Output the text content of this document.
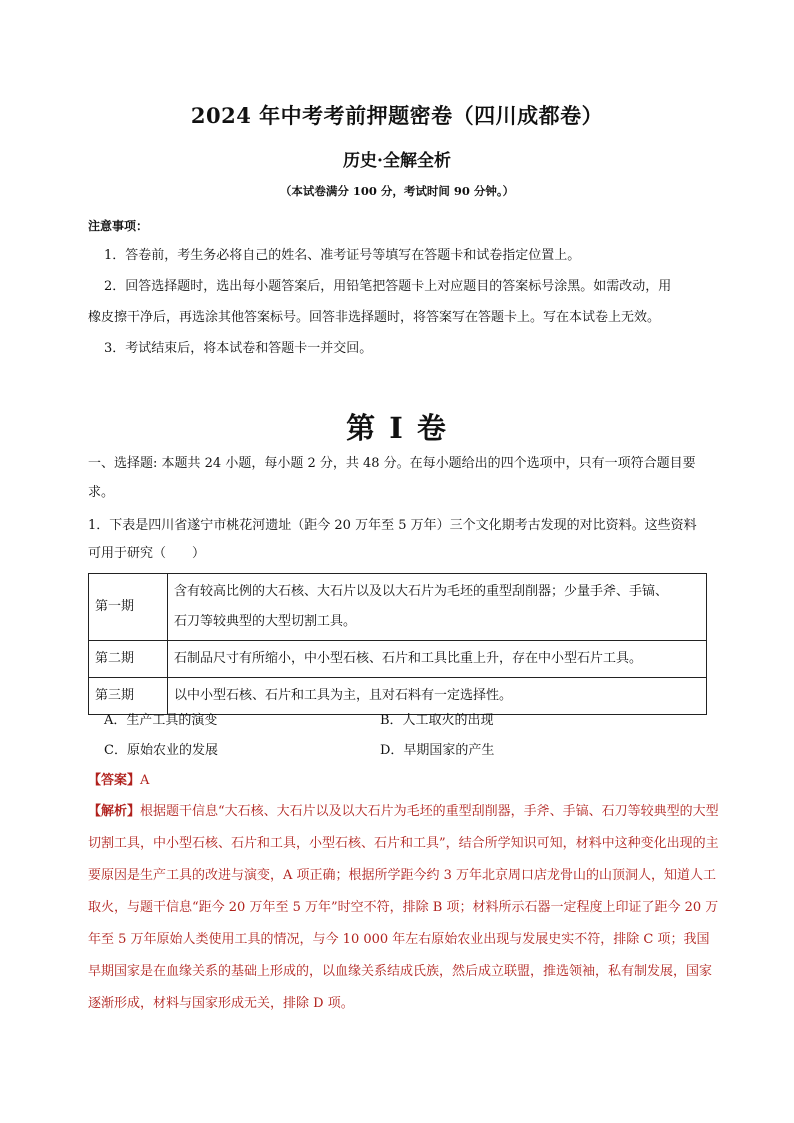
2024 年中考考前押题密卷（四川成都卷）
历史·全解全析
（本试卷满分 100 分，考试时间 90 分钟。）
注意事项：
1．答卷前，考生务必将自己的姓名、准考证号等填写在答题卡和试卷指定位置上。
2．回答选择题时，选出每小题答案后，用铅笔把答题卡上对应题目的答案标号涂黑。如需改动，用
橡皮擦干净后，再选涂其他答案标号。回答非选择题时，将答案写在答题卡上。写在本试卷上无效。
3．考试结束后，将本试卷和答题卡一并交回。
第 I 卷
一、选择题: 本题共 24 小题，每小题 2 分，共 48 分。在每小题给出的四个选项中，只有一项符合题目要
求。
1．下表是四川省遂宁市桃花河遗址（距今 20 万年至 5 万年）三个文化期考古发现的对比资料。这些资料
可用于研究（　　）
第一期	含有较高比例的大石核、大石片以及以大石片为毛坯的重型刮削器；少量手斧、手镐、
石刀等较典型的大型切割工具。

第二期	石制品尺寸有所缩小，中小型石核、石片和工具比重上升，存在中小型石片工具。
第三期	以中小型石核、石片和工具为主，且对石料有一定选择性。
A．生产工具的演变	B．人工取火的出现
C．原始农业的发展	D．早期国家的产生
【答案】A
【解析】根据题干信息“大石核、大石片以及以大石片为毛坯的重型刮削器，手斧、手镐、石刀等较典型的大型切割工具，中小型石核、石片和工具，小型石核、石片和工具”，结合所学知识可知，材料中这种变化出现的主要原因是生产工具的改进与演变，A 项正确；根据所学距今约 3 万年北京周口店龙骨山的山顶洞人，知道人工取火，与题干信息“距今 20 万年至 5 万年”时空不符，排除 B 项；材料所示石器一定程度上印证了距今 20 万年至 5 万年原始人类使用工具的情况，与今 10 000 年左右原始农业出现与发展史实不符，排除 C 项；我国早期国家是在血缘关系的基础上形成的，以血缘关系结成氏族，然后成立联盟，推选领袖，私有制发展，国家逐渐形成，材料与国家形成无关，排除 D 项。
